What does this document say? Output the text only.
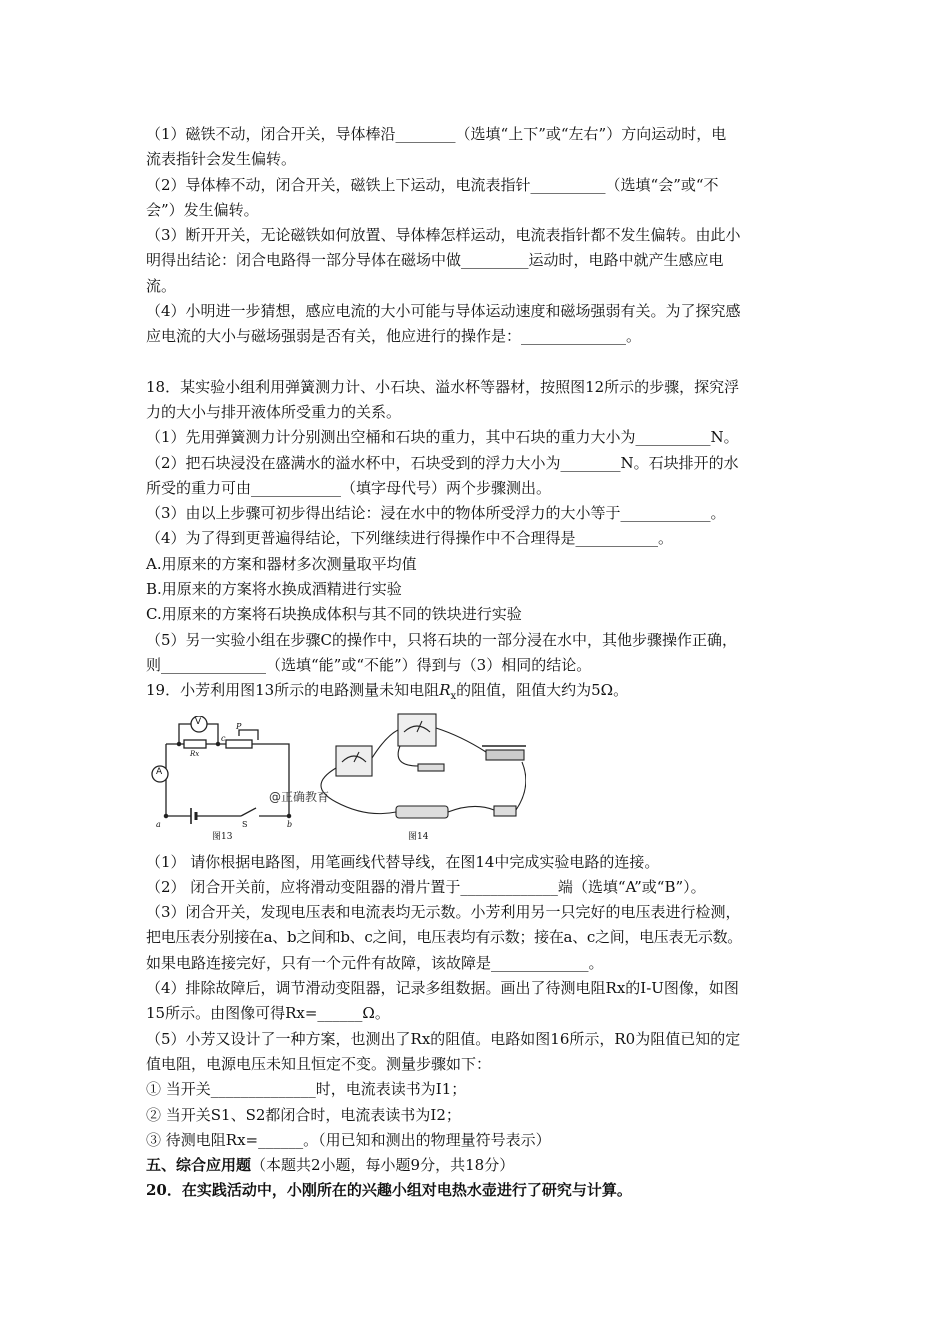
（1）磁铁不动，闭合开关，导体棒沿________（选填“上下”或“左右”）方向运动时，电
流表指针会发生偏转。
（2）导体棒不动，闭合开关，磁铁上下运动，电流表指针__________（选填“会”或“不
会”）发生偏转。
（3）断开开关，无论磁铁如何放置、导体棒怎样运动，电流表指针都不发生偏转。由此小
明得出结论：闭合电路得一部分导体在磁场中做_________运动时，电路中就产生感应电
流。
（4）小明进一步猜想，感应电流的大小可能与导体运动速度和磁场强弱有关。为了探究感
应电流的大小与磁场强弱是否有关，他应进行的操作是：______________。
18．某实验小组利用弹簧测力计、小石块、溢水杯等器材，按照图12所示的步骤，探究浮
力的大小与排开液体所受重力的关系。
（1）先用弹簧测力计分别测出空桶和石块的重力，其中石块的重力大小为__________N。
（2）把石块浸没在盛满水的溢水杯中，石块受到的浮力大小为________N。石块排开的水
所受的重力可由____________（填字母代号）两个步骤测出。
（3）由以上步骤可初步得出结论：浸在水中的物体所受浮力的大小等于____________。
（4）为了得到更普遍得结论，下列继续进行得操作中不合理得是___________。
A.用原来的方案和器材多次测量取平均值
B.用原来的方案将水换成酒精进行实验
C.用原来的方案将石块换成体积与其不同的铁块进行实验
（5）另一实验小组在步骤C的操作中，只将石块的一部分浸在水中，其他步骤操作正确，
则______________（选填“能”或“不能”）得到与（3）相同的结论。
19．小芳利用图13所示的电路测量未知电阻$R_x$的阻值，阻值大约为5Ω。
V
A
Rx
c
P
a	S	b
图13
@正确教育
图14
（1） 请你根据电路图，用笔画线代替导线，在图14中完成实验电路的连接。
（2） 闭合开关前，应将滑动变阻器的滑片置于_____________端（选填“A”或“B”）。
（3）闭合开关，发现电压表和电流表均无示数。小芳利用另一只完好的电压表进行检测，
把电压表分别接在a、b之间和b、c之间，电压表均有示数；接在a、c之间，电压表无示数。
如果电路连接完好，只有一个元件有故障，该故障是_____________。
（4）排除故障后，调节滑动变阻器，记录多组数据。画出了待测电阻Rx的I-U图像，如图
15所示。由图像可得Rx=______Ω。
（5）小芳又设计了一种方案，也测出了Rx的阻值。电路如图16所示，R0为阻值已知的定
值电阻，电源电压未知且恒定不变。测量步骤如下：
① 当开关______________时，电流表读书为I1；
② 当开关S1、S2都闭合时，电流表读书为I2；
③ 待测电阻Rx=______。（用已知和测出的物理量符号表示）
五、综合应用题（本题共2小题，每小题9分，共18分）
20．在实践活动中，小刚所在的兴趣小组对电热水壶进行了研究与计算。
